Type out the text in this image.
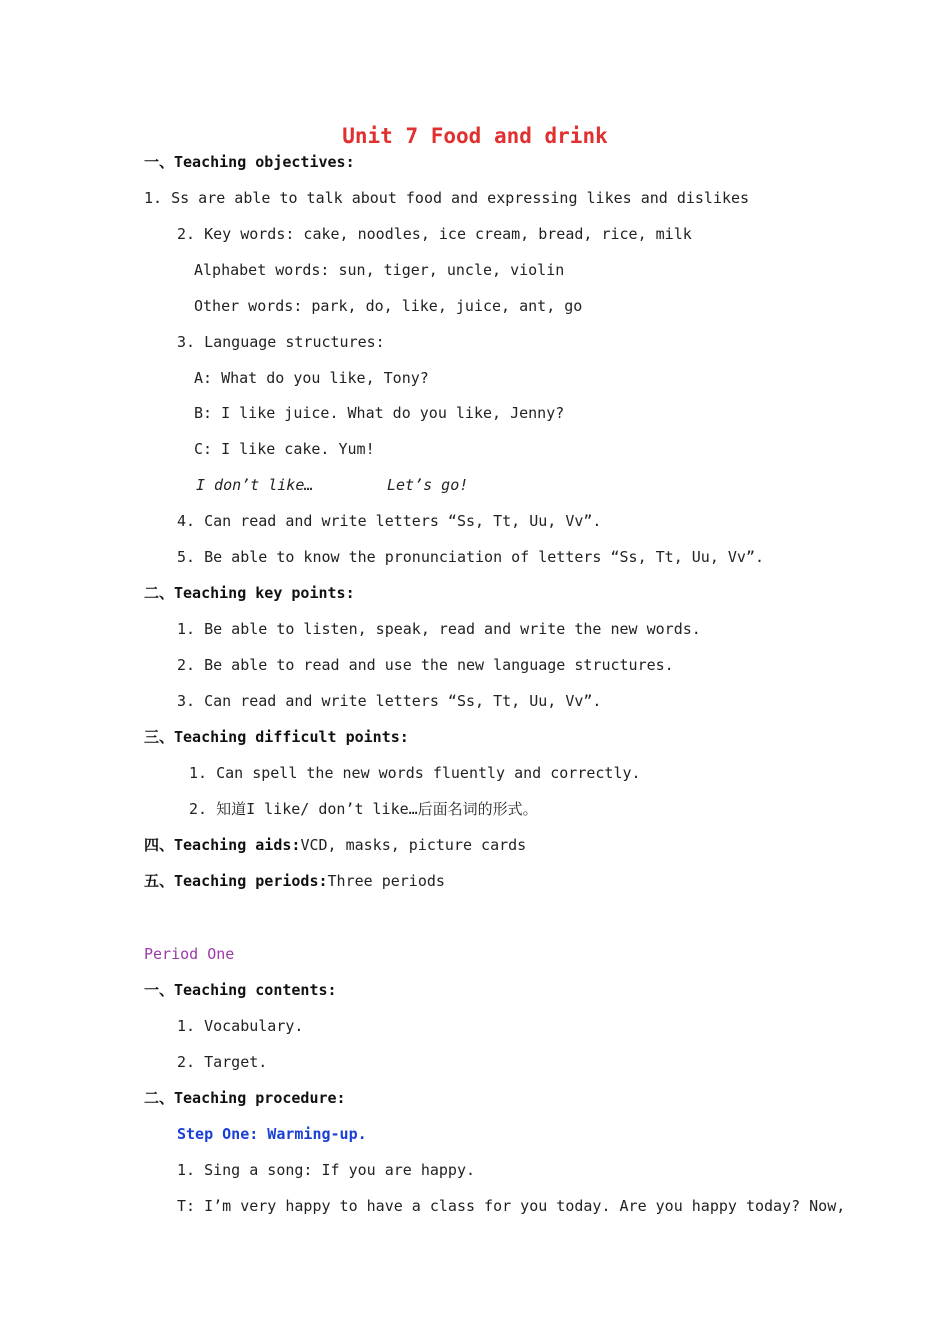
Unit 7 Food and drink
一、Teaching objectives:
1. Ss are able to talk about food and expressing likes and dislikes
2. Key words: cake, noodles, ice cream, bread, rice, milk
Alphabet words: sun, tiger, uncle, violin
Other words: park, do, like, juice, ant, go
3. Language structures:
A: What do you like, Tony?
B: I like juice. What do you like, Jenny?
C: I like cake. Yum!
I don’t like…	Let’s go!
4. Can read and write letters “Ss, Tt, Uu, Vv”.
5. Be able to know the pronunciation of letters “Ss, Tt, Uu, Vv”.
二、Teaching key points:
1. Be able to listen, speak, read and write the new words.
2. Be able to read and use the new language structures.
3. Can read and write letters “Ss, Tt, Uu, Vv”.
三、Teaching difficult points:
1. Can spell the new words fluently and correctly.
2. 知道I like/ don’t like…后面名词的形式。
四、Teaching aids:VCD, masks, picture cards
五、Teaching periods:Three periods
Period One
一、Teaching contents:
1. Vocabulary.
2. Target.
二、Teaching procedure:
Step One: Warming-up.
1. Sing a song: If you are happy.
T: I’m very happy to have a class for you today. Are you happy today? Now,
